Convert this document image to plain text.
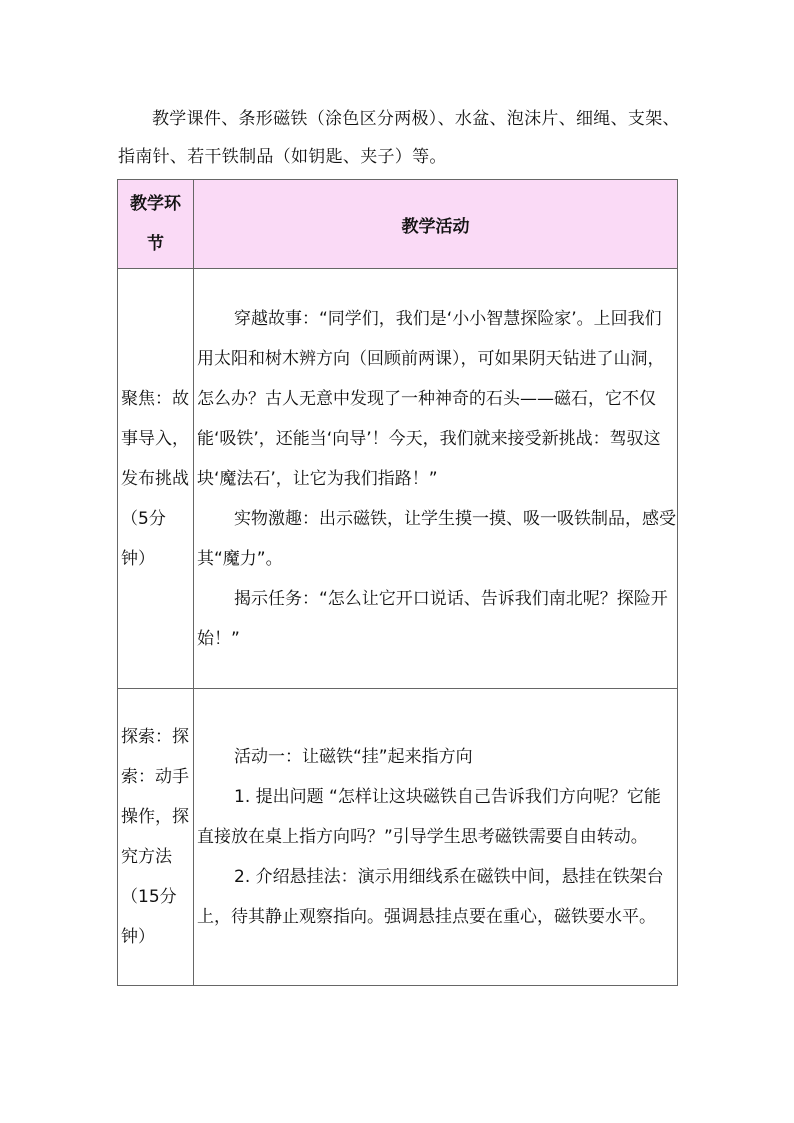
教学课件、条形磁铁（涂色区分两极）、水盆、泡沫片、细绳、支架、指南针、若干铁制品（如钥匙、夹子）等。
教学环节	教学活动

聚焦：故事导入，发布挑战（5分钟）	穿越故事：“同学们，我们是‘小小智慧探险家’。上回我们用太阳和树木辨方向（回顾前两课），可如果阴天钻进了山洞，怎么办？古人无意中发现了一种神奇的石头——磁石，它不仅能‘吸铁’，还能当‘向导’！今天，我们就来接受新挑战：驾驭这块‘魔法石’，让它为我们指路！”

实物激趣：出示磁铁，让学生摸一摸、吸一吸铁制品，感受其“魔力”。

揭示任务：“怎么让它开口说话、告诉我们南北呢？探险开始！”

探索：探索：动手操作，探究方法（15分钟）	活动一：让磁铁“挂”起来指方向

1. 提出问题 “怎样让这块磁铁自己告诉我们方向呢？它能直接放在桌上指方向吗？”引导学生思考磁铁需要自由转动。

2. 介绍悬挂法：演示用细线系在磁铁中间，悬挂在铁架台上，待其静止观察指向。强调悬挂点要在重心，磁铁要水平。
